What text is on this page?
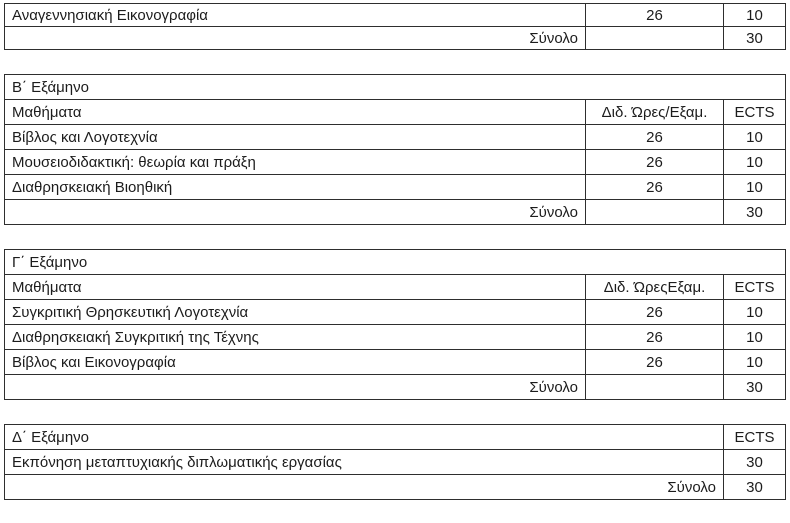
Αναγεννησιακή Εικονογραφία	26	10
Σύνολο		30
Β΄ Εξάμηνο		
Μαθήματα	Διδ. Ώρες/Εξαμ.	ECTS
Βίβλος και Λογοτεχνία	26	10
Μουσειοδιδακτική: θεωρία και πράξη	26	10
Διαθρησκειακή Βιοηθική	26	10
Σύνολο		30
Γ΄ Εξάμηνο		
Μαθήματα	Διδ. ΏρεςΕξαμ.	ECTS
Συγκριτική Θρησκευτική Λογοτεχνία	26	10
Διαθρησκειακή Συγκριτική της Τέχνης	26	10
Βίβλος και Εικονογραφία	26	10
Σύνολο		30
Δ΄ Εξάμηνο	ECTS
Εκπόνηση μεταπτυχιακής διπλωματικής εργασίας	30
Σύνολο	30
